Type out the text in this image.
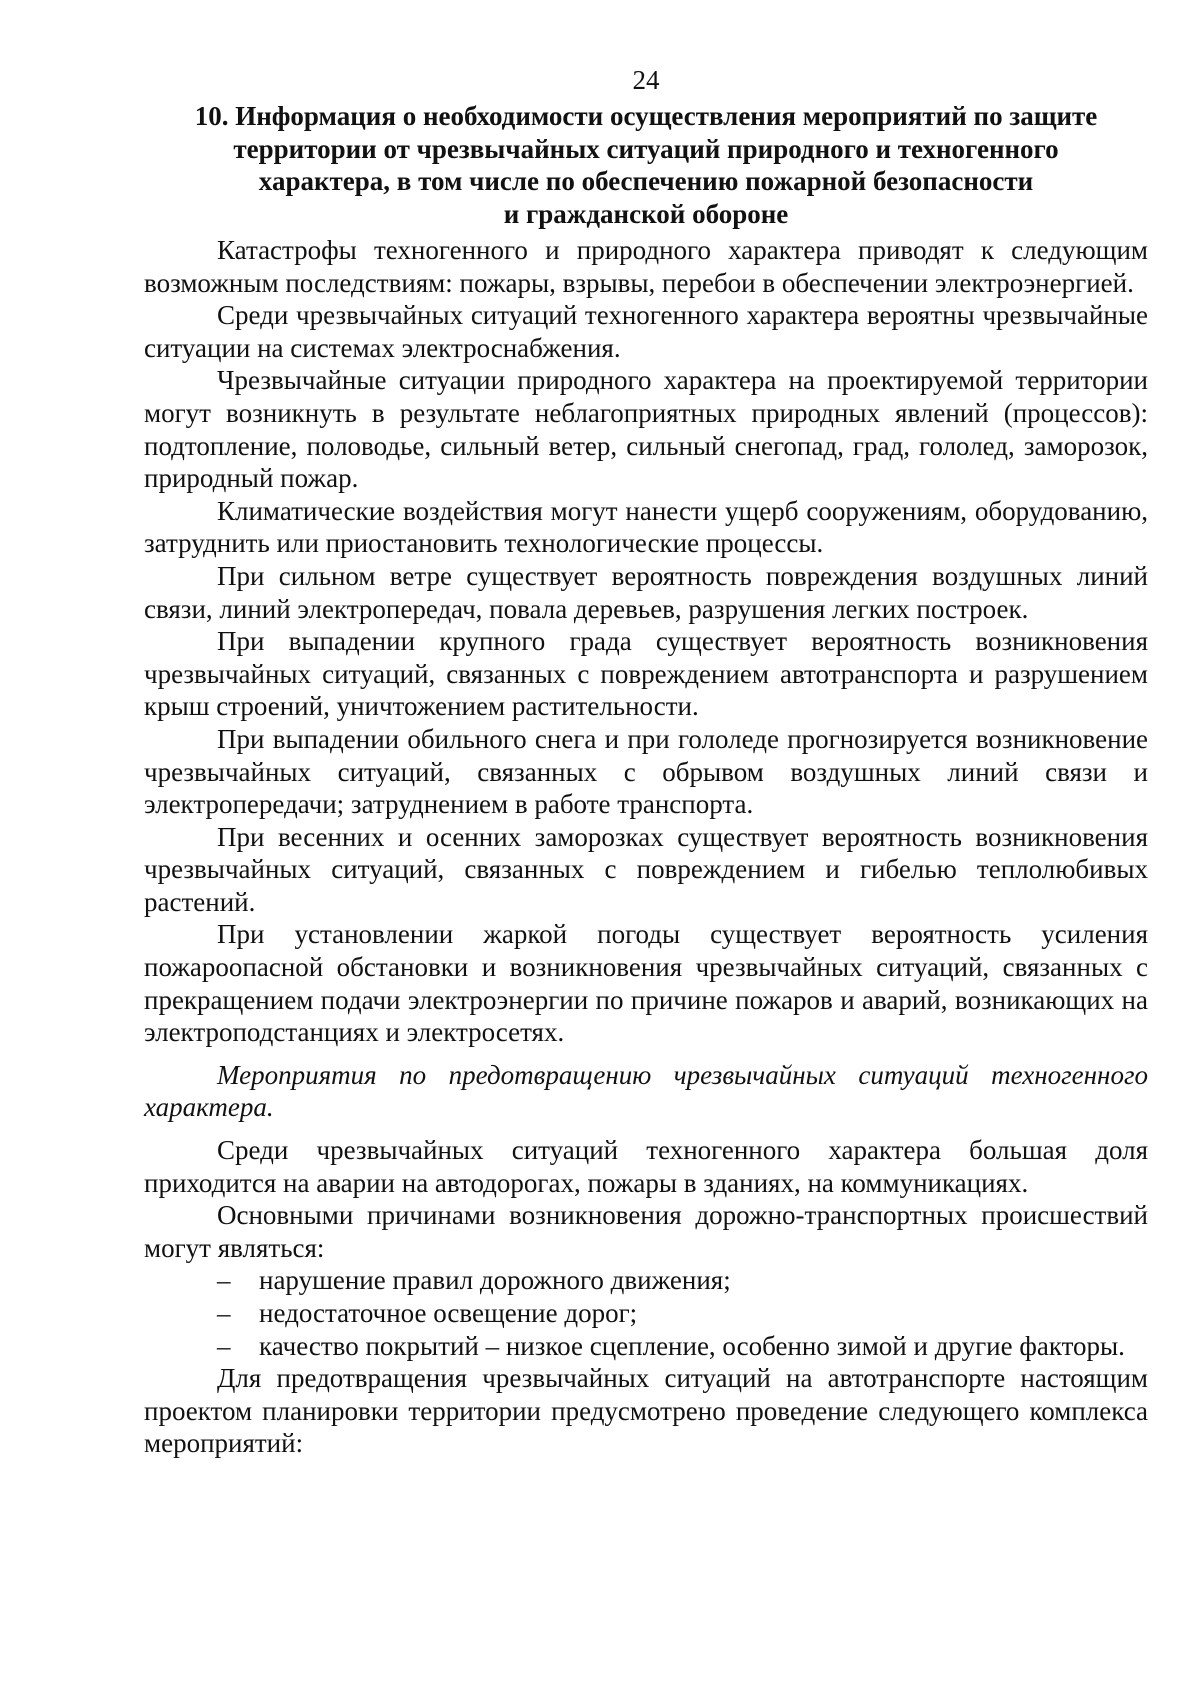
24
10. Информация о необходимости осуществления мероприятий по защите
территории от чрезвычайных ситуаций природного и техногенного
характера, в том числе по обеспечению пожарной безопасности
и гражданской обороне

Катастрофы техногенного и природного характера приводят к следующим возможным последствиям: пожары, взрывы, перебои в обеспечении электроэнергией.

Среди чрезвычайных ситуаций техногенного характера вероятны чрезвычайные ситуации на системах электроснабжения.

Чрезвычайные ситуации природного характера на проектируемой территории могут возникнуть в результате неблагоприятных природных явлений (процессов): подтопление, половодье, сильный ветер, сильный снегопад, град, гололед, заморозок, природный пожар.

Климатические воздействия могут нанести ущерб сооружениям, оборудованию, затруднить или приостановить технологические процессы.

При сильном ветре существует вероятность повреждения воздушных линий связи, линий электропередач, повала деревьев, разрушения легких построек.

При выпадении крупного града существует вероятность возникновения чрезвычайных ситуаций, связанных с повреждением автотранспорта и разрушением крыш строений, уничтожением растительности.

При выпадении обильного снега и при гололеде прогнозируется возникновение чрезвычайных ситуаций, связанных с обрывом воздушных линий связи и электропередачи; затруднением в работе транспорта.

При весенних и осенних заморозках существует вероятность возникновения чрезвычайных ситуаций, связанных с повреждением и гибелью теплолюбивых растений.

При установлении жаркой погоды существует вероятность усиления пожароопасной обстановки и возникновения чрезвычайных ситуаций, связанных с прекращением подачи электроэнергии по причине пожаров и аварий, возникающих на электроподстанциях и электросетях.

Мероприятия по предотвращению чрезвычайных ситуаций техногенного характера.

Среди чрезвычайных ситуаций техногенного характера большая доля приходится на аварии на автодорогах, пожары в зданиях, на коммуникациях.

Основными причинами возникновения дорожно-транспортных происшествий могут являться:

– нарушение правил дорожного движения;
– недостаточное освещение дорог;
– качество покрытий – низкое сцепление, особенно зимой и другие факторы.

Для предотвращения чрезвычайных ситуаций на автотранспорте настоящим проектом планировки территории предусмотрено проведение следующего комплекса мероприятий:
